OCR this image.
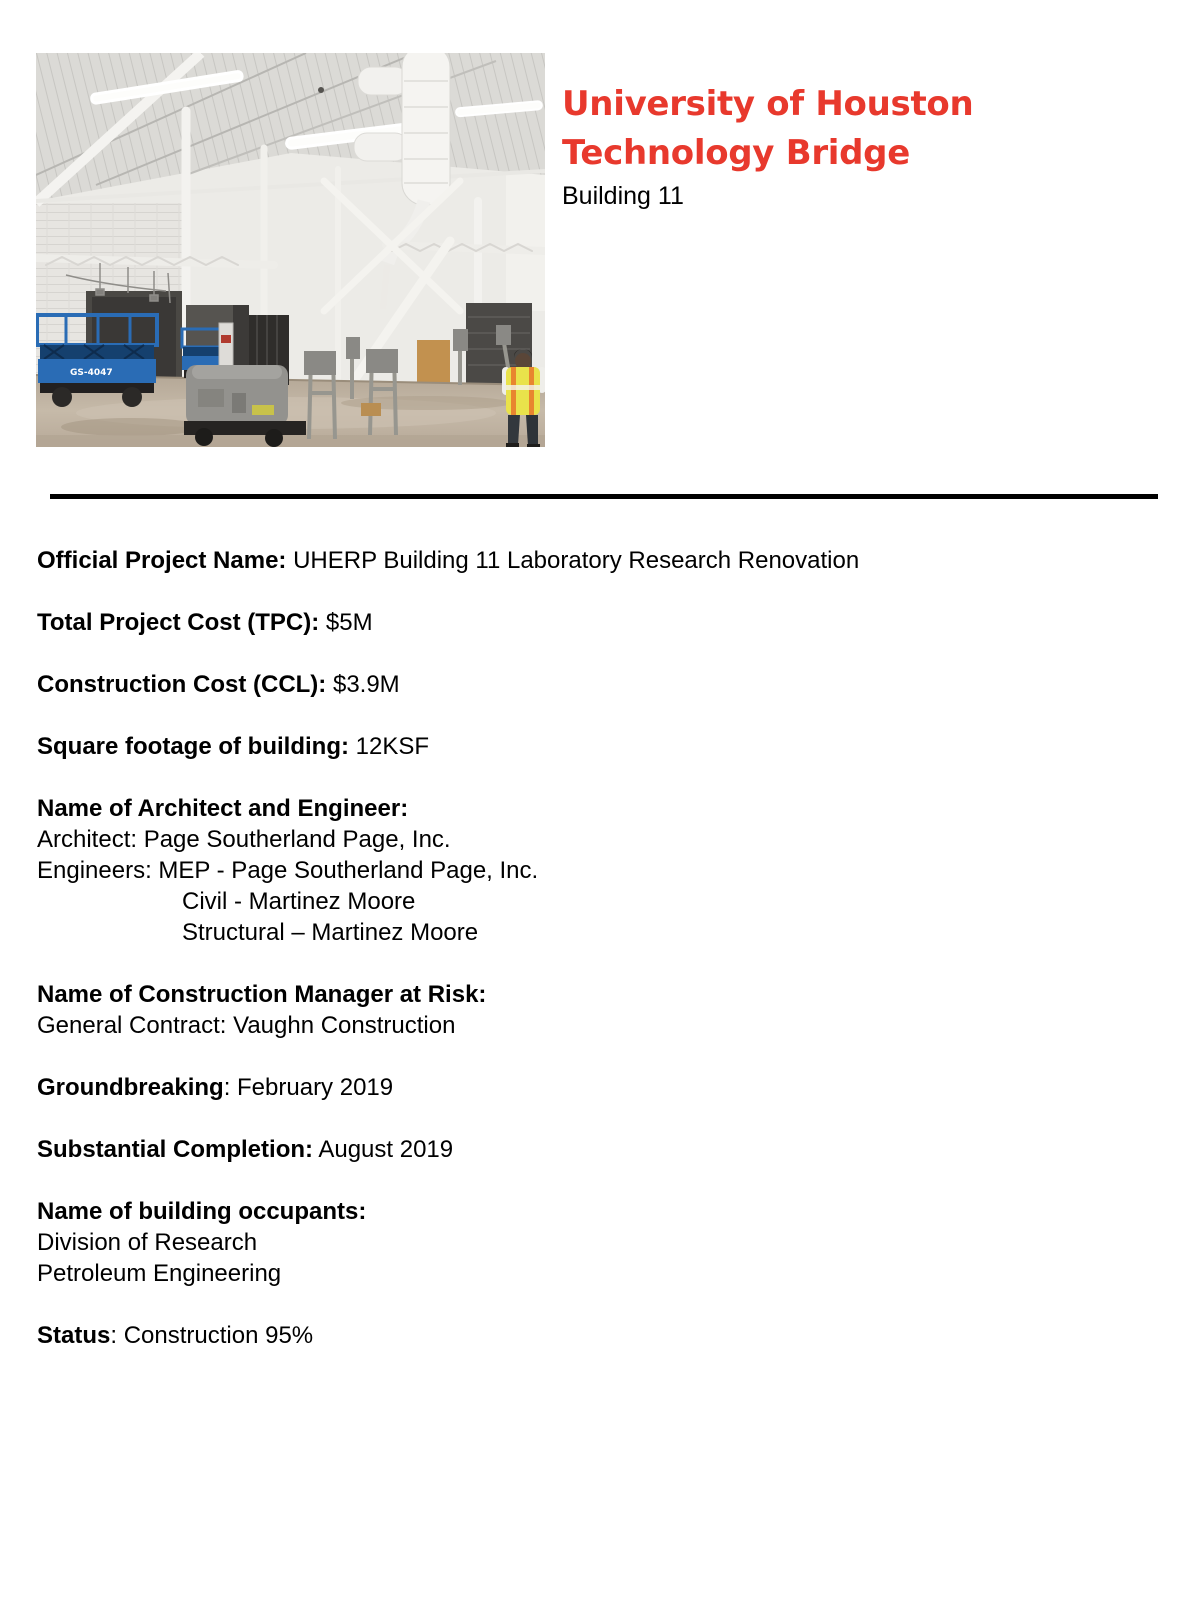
GS-4047
University of Houston
Technology Bridge
Building 11

Official Project Name: UHERP Building 11 Laboratory Research Renovation

Total Project Cost (TPC): $5M

Construction Cost (CCL): $3.9M

Square footage of building: 12KSF

Name of Architect and Engineer:
Architect: Page Southerland Page, Inc.
Engineers: MEP - Page Southerland Page, Inc.
Civil - Martinez Moore
Structural – Martinez Moore

Name of Construction Manager at Risk:
General Contract: Vaughn Construction

Groundbreaking: February 2019

Substantial Completion: August 2019

Name of building occupants:
Division of Research
Petroleum Engineering

Status: Construction 95%
